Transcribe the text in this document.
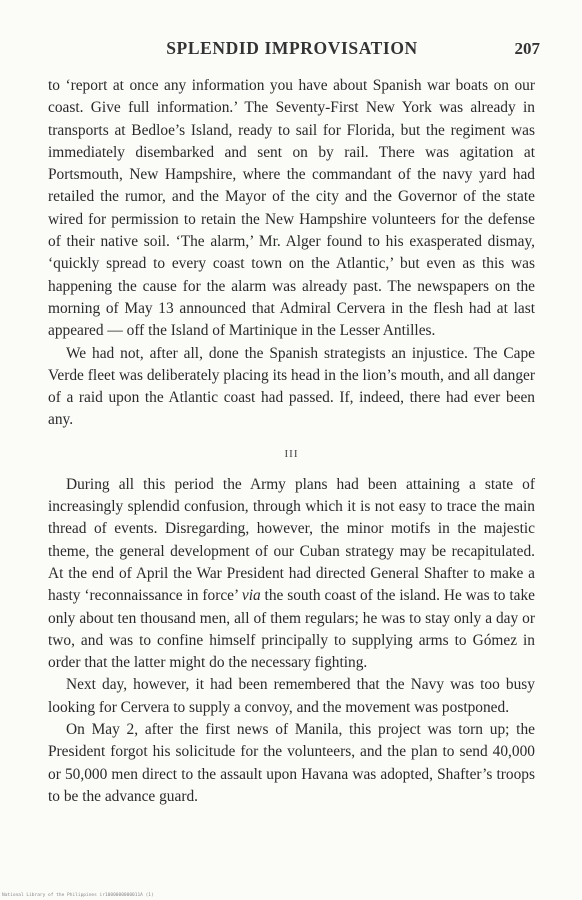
SPLENDID IMPROVISATION	207

to ‘report at once any information you have about Spanish war boats on our coast. Give full information.’ The Seventy-First New York was already in transports at Bedloe’s Island, ready to sail for Florida, but the regiment was immediately disembarked and sent on by rail. There was agitation at Portsmouth, New Hampshire, where the commandant of the navy yard had retailed the rumor, and the Mayor of the city and the Governor of the state wired for permission to retain the New Hampshire volunteers for the defense of their native soil. ‘The alarm,’ Mr. Alger found to his exasperated dismay, ‘quickly spread to every coast town on the Atlantic,’ but even as this was happening the cause for the alarm was already past. The newspapers on the morning of May 13 announced that Admiral Cervera in the flesh had at last appeared — off the Island of Martinique in the Lesser Antilles.

We had not, after all, done the Spanish strategists an injustice. The Cape Verde fleet was deliberately placing its head in the lion’s mouth, and all danger of a raid upon the Atlantic coast had passed. If, indeed, there had ever been any.

III

During all this period the Army plans had been attaining a state of increasingly splendid confusion, through which it is not easy to trace the main thread of events. Disregarding, however, the minor motifs in the majestic theme, the general development of our Cuban strategy may be recapitulated. At the end of April the War President had directed General Shafter to make a hasty ‘reconnaissance in force’ via the south coast of the island. He was to take only about ten thousand men, all of them regulars; he was to stay only a day or two, and was to confine himself principally to supplying arms to Gómez in order that the latter might do the necessary fighting.

Next day, however, it had been remembered that the Navy was too busy looking for Cervera to supply a convoy, and the movement was postponed.

On May 2, after the first news of Manila, this project was torn up; the President forgot his solicitude for the volunteers, and the plan to send 40,000 or 50,000 men direct to the assault upon Havana was adopted, Shafter’s troops to be the advance guard.

National Library of the Philippines ir1000000000011A (1)
